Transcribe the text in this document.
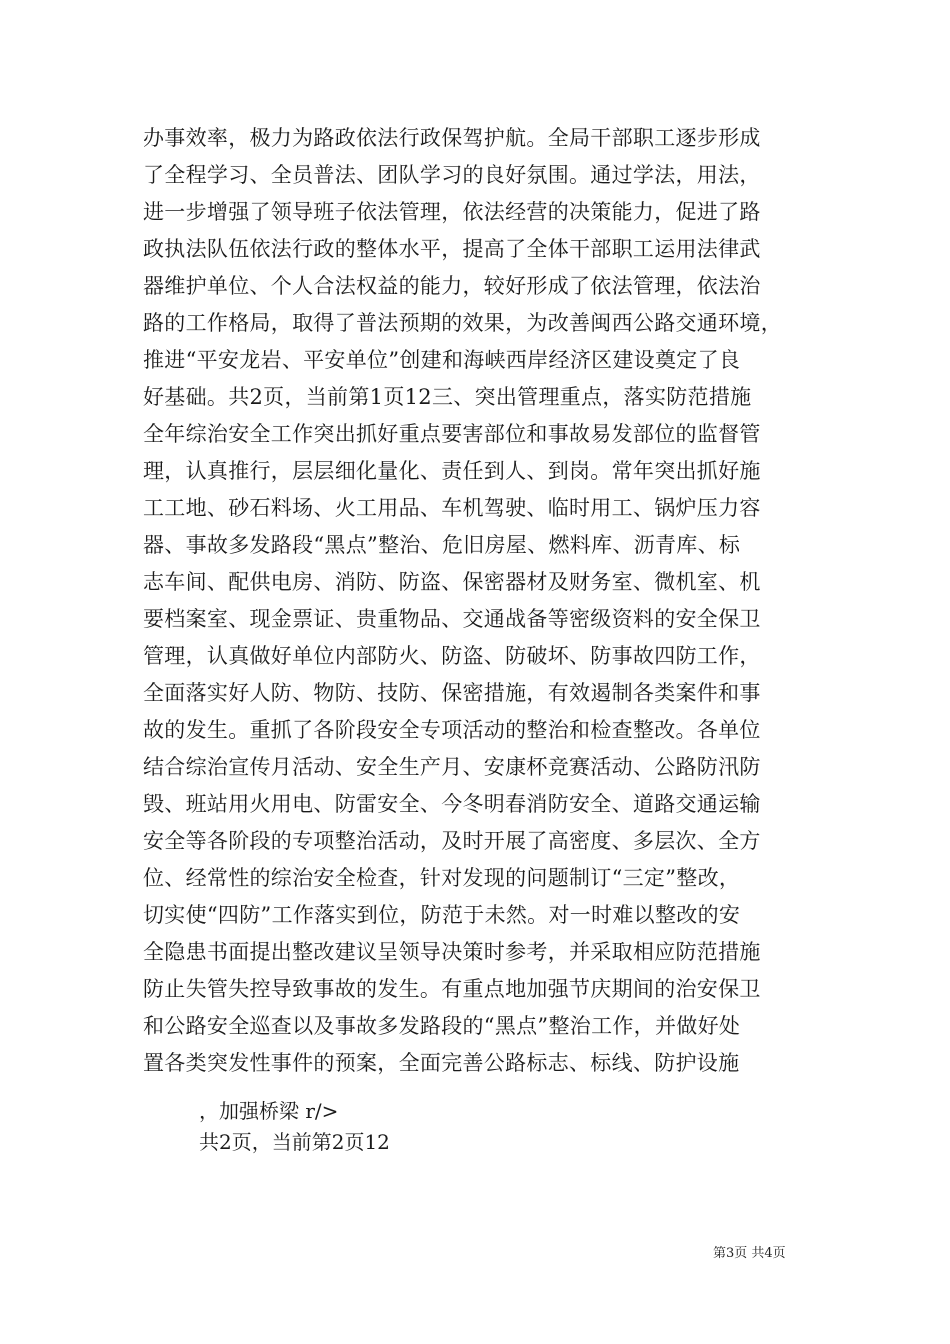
办事效率，极力为路政依法行政保驾护航。全局干部职工逐步形成
了全程学习、全员普法、团队学习的良好氛围。通过学法，用法，
进一步增强了领导班子依法管理，依法经营的决策能力，促进了路
政执法队伍依法行政的整体水平，提高了全体干部职工运用法律武
器维护单位、个人合法权益的能力，较好形成了依法管理，依法治
路的工作格局，取得了普法预期的效果，为改善闽西公路交通环境，
推进“平安龙岩、平安单位”创建和海峡西岸经济区建设奠定了良
好基础。共2页，当前第1页12三、突出管理重点，落实防范措施
全年综治安全工作突出抓好重点要害部位和事故易发部位的监督管
理，认真推行，层层细化量化、责任到人、到岗。常年突出抓好施
工工地、砂石料场、火工用品、车机驾驶、临时用工、锅炉压力容
器、事故多发路段“黑点”整治、危旧房屋、燃料库、沥青库、标
志车间、配供电房、消防、防盗、保密器材及财务室、微机室、机
要档案室、现金票证、贵重物品、交通战备等密级资料的安全保卫
管理，认真做好单位内部防火、防盗、防破坏、防事故四防工作，
全面落实好人防、物防、技防、保密措施，有效遏制各类案件和事
故的发生。重抓了各阶段安全专项活动的整治和检查整改。各单位
结合综治宣传月活动、安全生产月、安康杯竞赛活动、公路防汛防
毁、班站用火用电、防雷安全、今冬明春消防安全、道路交通运输
安全等各阶段的专项整治活动，及时开展了高密度、多层次、全方
位、经常性的综治安全检查，针对发现的问题制订“三定”整改，
切实使“四防”工作落实到位，防范于未然。对一时难以整改的安
全隐患书面提出整改建议呈领导决策时参考，并采取相应防范措施
防止失管失控导致事故的发生。有重点地加强节庆期间的治安保卫
和公路安全巡查以及事故多发路段的“黑点”整治工作，并做好处
置各类突发性事件的预案，全面完善公路标志、标线、防护设施
，加强桥梁 r/>
共2页，当前第2页12
第3页 共4页
